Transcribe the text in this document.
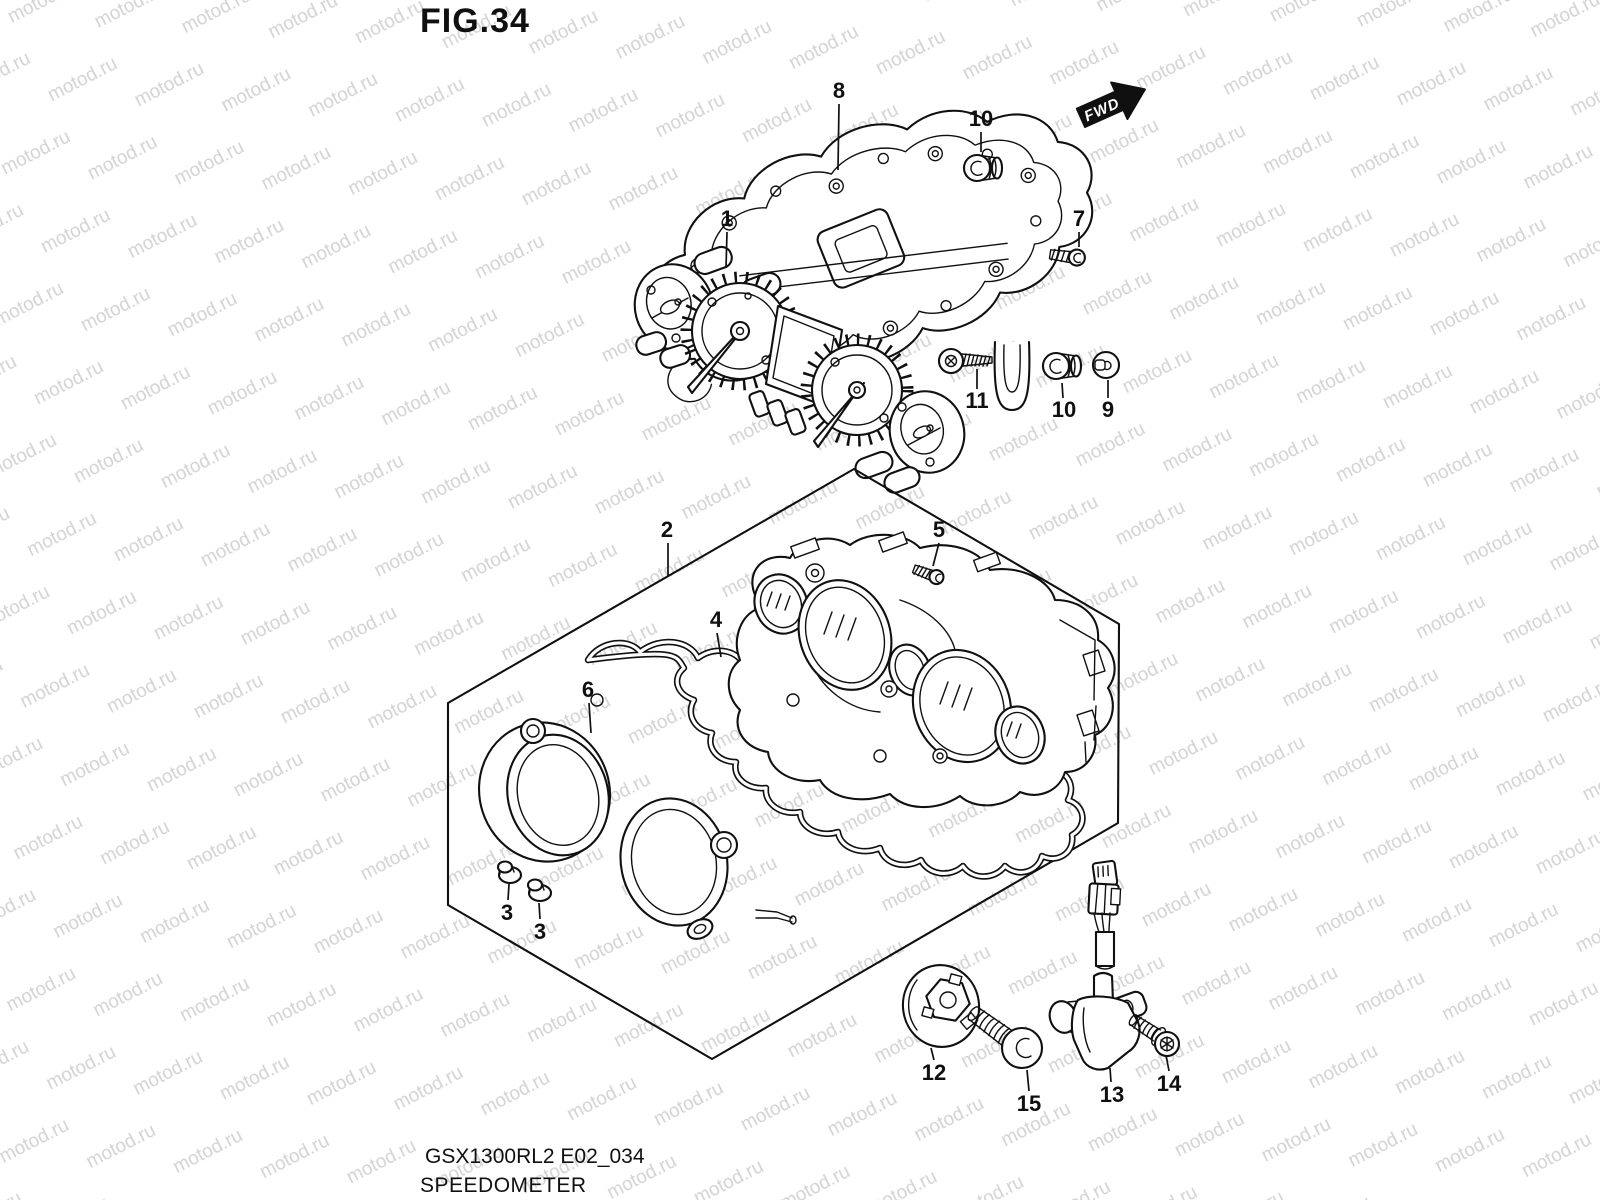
FWD
FIG.34
GSX1300RL2 E02_034
SPEEDOMETER
8
10
7
1
11	10 9
2	5
4
6
3
3
12
15	13 14
